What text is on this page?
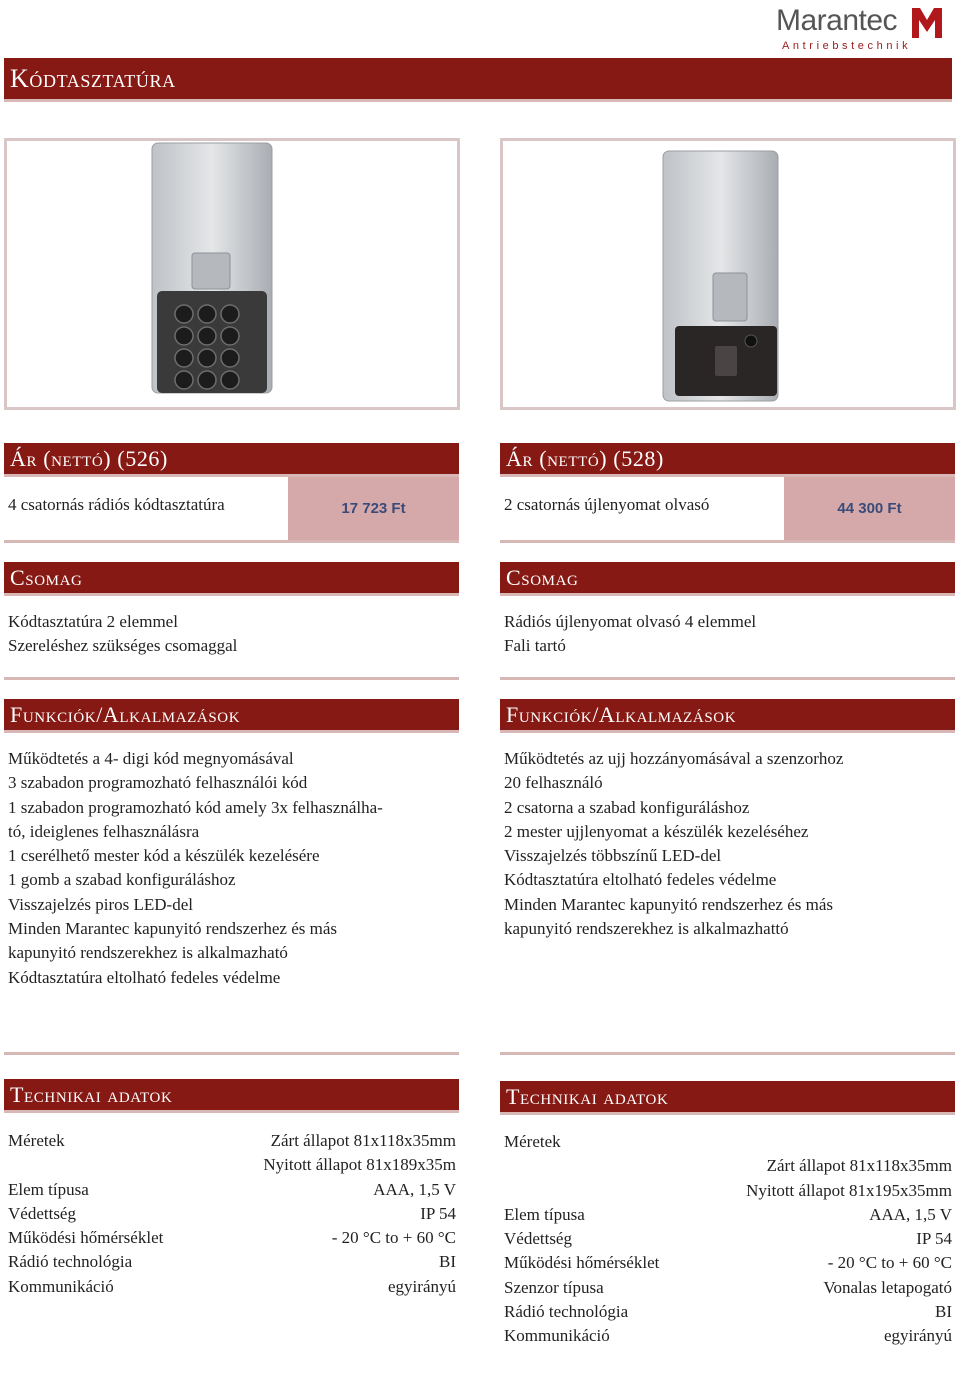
Marantec
Antriebstechnik
Kódtasztatúra
Ár (nettó) (526)
4 csatornás rádiós kódtasztatúra	17 723 Ft
Csomag
Kódtasztatúra 2 elemmel
Szereléshez szükséges csomaggal
Funkciók/Alkalmazások
Működtetés a 4- digi kód megnyomásával
3 szabadon programozható felhasználói kód
1 szabadon programozható kód amely 3x felhasználha-
tó, ideiglenes felhasználásra
1 cserélhető mester kód a készülék kezelésére
1 gomb a szabad konfiguráláshoz
Visszajelzés piros LED-del
Minden Marantec kapunyitó rendszerhez és más
kapunyitó rendszerekhez is alkalmazható
Kódtasztatúra eltolható fedeles védelme
Technikai adatok
Méretek	Zárt állapot 81x118x35mm
Nyitott állapot 81x189x35m
Elem típusa	AAA, 1,5 V
Védettség	IP 54
Működési hőmérséklet	- 20 °C to + 60 °C
Rádió technológia	BI
Kommunikáció	egyirányú
Ár (nettó) (528)
2 csatornás újlenyomat olvasó	44 300 Ft
Csomag
Rádiós újlenyomat olvasó 4 elemmel
Fali tartó
Funkciók/Alkalmazások
Működtetés az ujj hozzányomásával a szenzorhoz
20 felhasználó
2 csatorna a szabad konfiguráláshoz
2 mester ujjlenyomat a készülék kezeléséhez
Visszajelzés többszínű LED-del
Kódtasztatúra eltolható fedeles védelme
Minden Marantec kapunyitó rendszerhez és más
kapunyitó rendszerekhez is alkalmazhattó
Technikai adatok
Méretek
Zárt állapot 81x118x35mm
Nyitott állapot 81x195x35mm
Elem típusa	AAA, 1,5 V
Védettség	IP 54
Működési hőmérséklet	- 20 °C to + 60 °C
Szenzor típusa	Vonalas letapogató
Rádió technológia	BI
Kommunikáció	egyirányú
